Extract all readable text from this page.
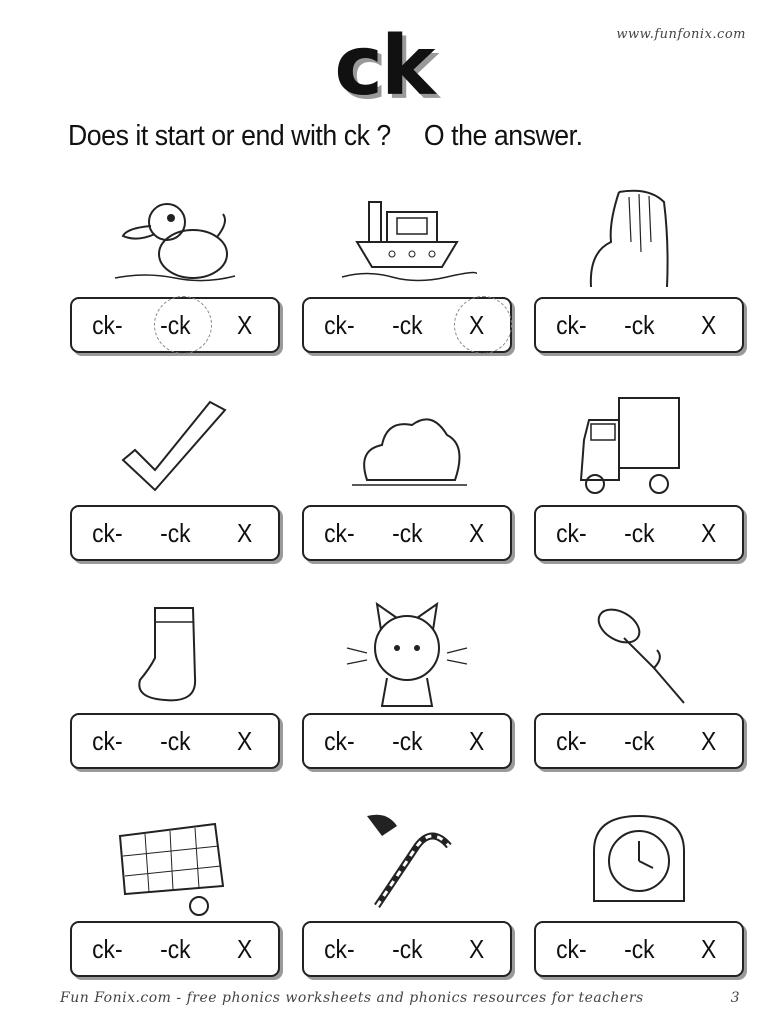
www.funfonix.com
ck
Does it start or end with ck ? O the answer.
ck- -ck X	ck- -ck X	ck- -ck X
ck- -ck X	ck- -ck X	ck- -ck X
ck- -ck X	ck- -ck X	ck- -ck X
ck- -ck X	ck- -ck X	ck- -ck X
Fun Fonix.com - free phonics worksheets and phonics resources for teachers	3
